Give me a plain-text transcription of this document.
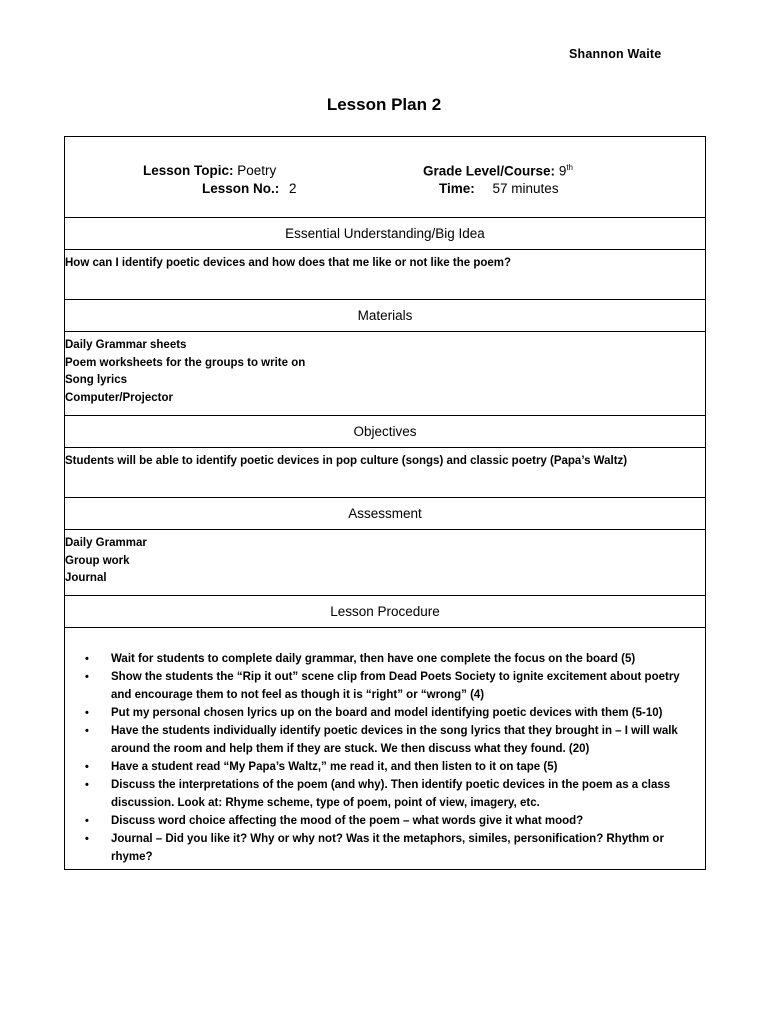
Shannon Waite
Lesson Plan 2
Lesson Topic: Poetry
Lesson No.: 2
Grade Level/Course: 9th
Time: 57 minutes
Essential Understanding/Big Idea
How can I identify poetic devices and how does that me like or not like the poem?
Materials
Daily Grammar sheets
Poem worksheets for the groups to write on
Song lyrics
Computer/Projector
Objectives
Students will be able to identify poetic devices in pop culture (songs) and classic poetry (Papa’s Waltz)
Assessment
Daily Grammar
Group work
Journal
Lesson Procedure
• Wait for students to complete daily grammar, then have one complete the focus on the board (5)
• Show the students the “Rip it out” scene clip from Dead Poets Society to ignite excitement about poetry and encourage them to not feel as though it is “right” or “wrong” (4)
• Put my personal chosen lyrics up on the board and model identifying poetic devices with them (5-10)
• Have the students individually identify poetic devices in the song lyrics that they brought in – I will walk around the room and help them if they are stuck. We then discuss what they found. (20)
• Have a student read “My Papa’s Waltz,” me read it, and then listen to it on tape (5)
• Discuss the interpretations of the poem (and why). Then identify poetic devices in the poem as a class discussion. Look at: Rhyme scheme, type of poem, point of view, imagery, etc.
• Discuss word choice affecting the mood of the poem – what words give it what mood?
• Journal – Did you like it? Why or why not? Was it the metaphors, similes, personification? Rhythm or rhyme?
